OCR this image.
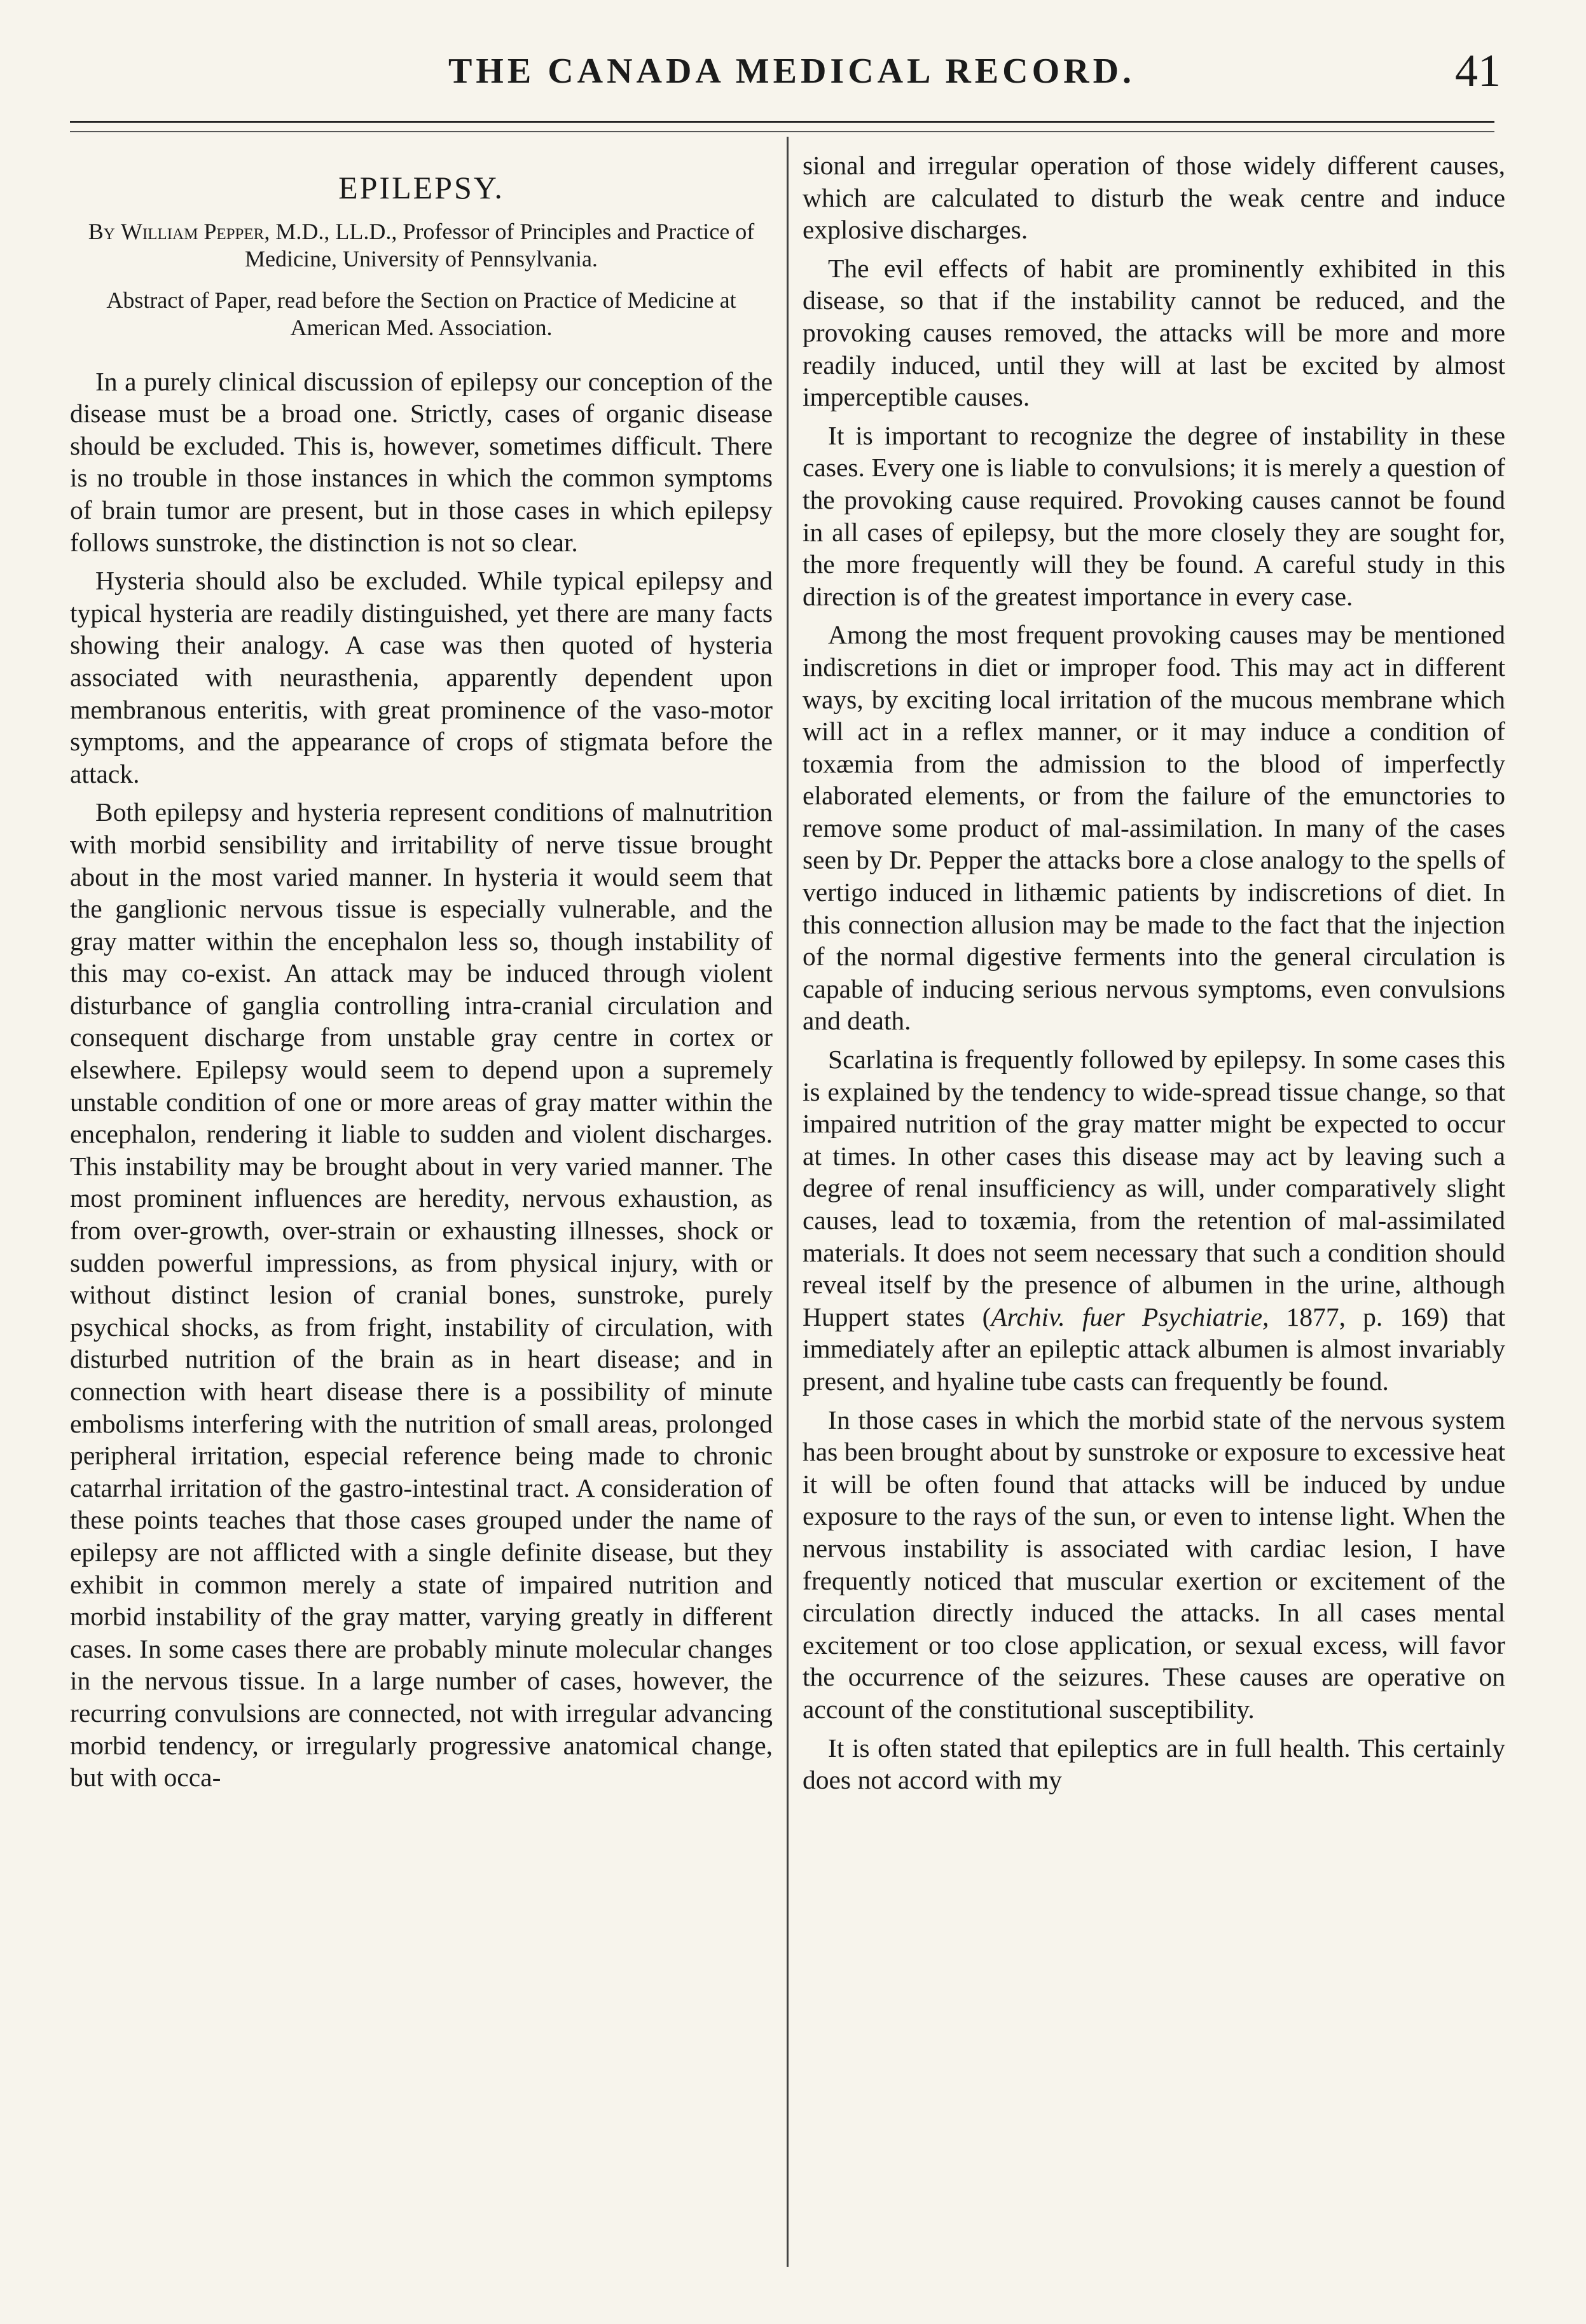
THE CANADA MEDICAL RECORD.	41
EPILEPSY.
By William Pepper, M.D., LL.D., Professor of Principles and Practice of Medicine, University of Pennsylvania.
Abstract of Paper, read before the Section on Practice of Medicine at American Med. Association.

In a purely clinical discussion of epilepsy our conception of the disease must be a broad one. Strictly, cases of organic disease should be excluded. This is, however, sometimes difficult. There is no trouble in those instances in which the common symptoms of brain tumor are present, but in those cases in which epilepsy follows sunstroke, the distinction is not so clear.

Hysteria should also be excluded. While typical epilepsy and typical hysteria are readily distinguished, yet there are many facts showing their analogy. A case was then quoted of hysteria associated with neurasthenia, apparently dependent upon membranous enteritis, with great prominence of the vaso-motor symptoms, and the appearance of crops of stigmata before the attack.

Both epilepsy and hysteria represent conditions of malnutrition with morbid sensibility and irritability of nerve tissue brought about in the most varied manner. In hysteria it would seem that the ganglionic nervous tissue is especially vulnerable, and the gray matter within the encephalon less so, though instability of this may co-exist. An attack may be induced through violent disturbance of ganglia controlling intra-cranial circulation and consequent discharge from unstable gray centre in cortex or elsewhere. Epilepsy would seem to depend upon a supremely unstable condition of one or more areas of gray matter within the encephalon, rendering it liable to sudden and violent discharges. This instability may be brought about in very varied manner. The most prominent influences are heredity, nervous exhaustion, as from over-growth, over-strain or exhausting illnesses, shock or sudden powerful impressions, as from physical injury, with or without distinct lesion of cranial bones, sunstroke, purely psychical shocks, as from fright, instability of circulation, with disturbed nutrition of the brain as in heart disease; and in connection with heart disease there is a possibility of minute embolisms interfering with the nutrition of small areas, prolonged peripheral irritation, especial reference being made to chronic catarrhal irritation of the gastro-intestinal tract. A consideration of these points teaches that those cases grouped under the name of epilepsy are not afflicted with a single definite disease, but they exhibit in common merely a state of impaired nutrition and morbid instability of the gray matter, varying greatly in different cases. In some cases there are probably minute molecular changes in the nervous tissue. In a large number of cases, however, the recurring convulsions are connected, not with irregular advancing morbid tendency, or irregularly progressive anatomical change, but with occa-

sional and irregular operation of those widely different causes, which are calculated to disturb the weak centre and induce explosive discharges.

The evil effects of habit are prominently exhibited in this disease, so that if the instability cannot be reduced, and the provoking causes removed, the attacks will be more and more readily induced, until they will at last be excited by almost imperceptible causes.

It is important to recognize the degree of instability in these cases. Every one is liable to convulsions; it is merely a question of the provoking cause required. Provoking causes cannot be found in all cases of epilepsy, but the more closely they are sought for, the more frequently will they be found. A careful study in this direction is of the greatest importance in every case.

Among the most frequent provoking causes may be mentioned indiscretions in diet or improper food. This may act in different ways, by exciting local irritation of the mucous membrane which will act in a reflex manner, or it may induce a condition of toxæmia from the admission to the blood of imperfectly elaborated elements, or from the failure of the emunctories to remove some product of mal-assimilation. In many of the cases seen by Dr. Pepper the attacks bore a close analogy to the spells of vertigo induced in lithæmic patients by indiscretions of diet. In this connection allusion may be made to the fact that the injection of the normal digestive ferments into the general circulation is capable of inducing serious nervous symptoms, even convulsions and death.

Scarlatina is frequently followed by epilepsy. In some cases this is explained by the tendency to wide-spread tissue change, so that impaired nutrition of the gray matter might be expected to occur at times. In other cases this disease may act by leaving such a degree of renal insufficiency as will, under comparatively slight causes, lead to toxæmia, from the retention of mal-assimilated materials. It does not seem necessary that such a condition should reveal itself by the presence of albumen in the urine, although Huppert states (Archiv. fuer Psychiatrie, 1877, p. 169) that immediately after an epileptic attack albumen is almost invariably present, and hyaline tube casts can frequently be found.

In those cases in which the morbid state of the nervous system has been brought about by sunstroke or exposure to excessive heat it will be often found that attacks will be induced by undue exposure to the rays of the sun, or even to intense light. When the nervous instability is associated with cardiac lesion, I have frequently noticed that muscular exertion or excitement of the circulation directly induced the attacks. In all cases mental excitement or too close application, or sexual excess, will favor the occurrence of the seizures. These causes are operative on account of the constitutional susceptibility.

It is often stated that epileptics are in full health. This certainly does not accord with my
